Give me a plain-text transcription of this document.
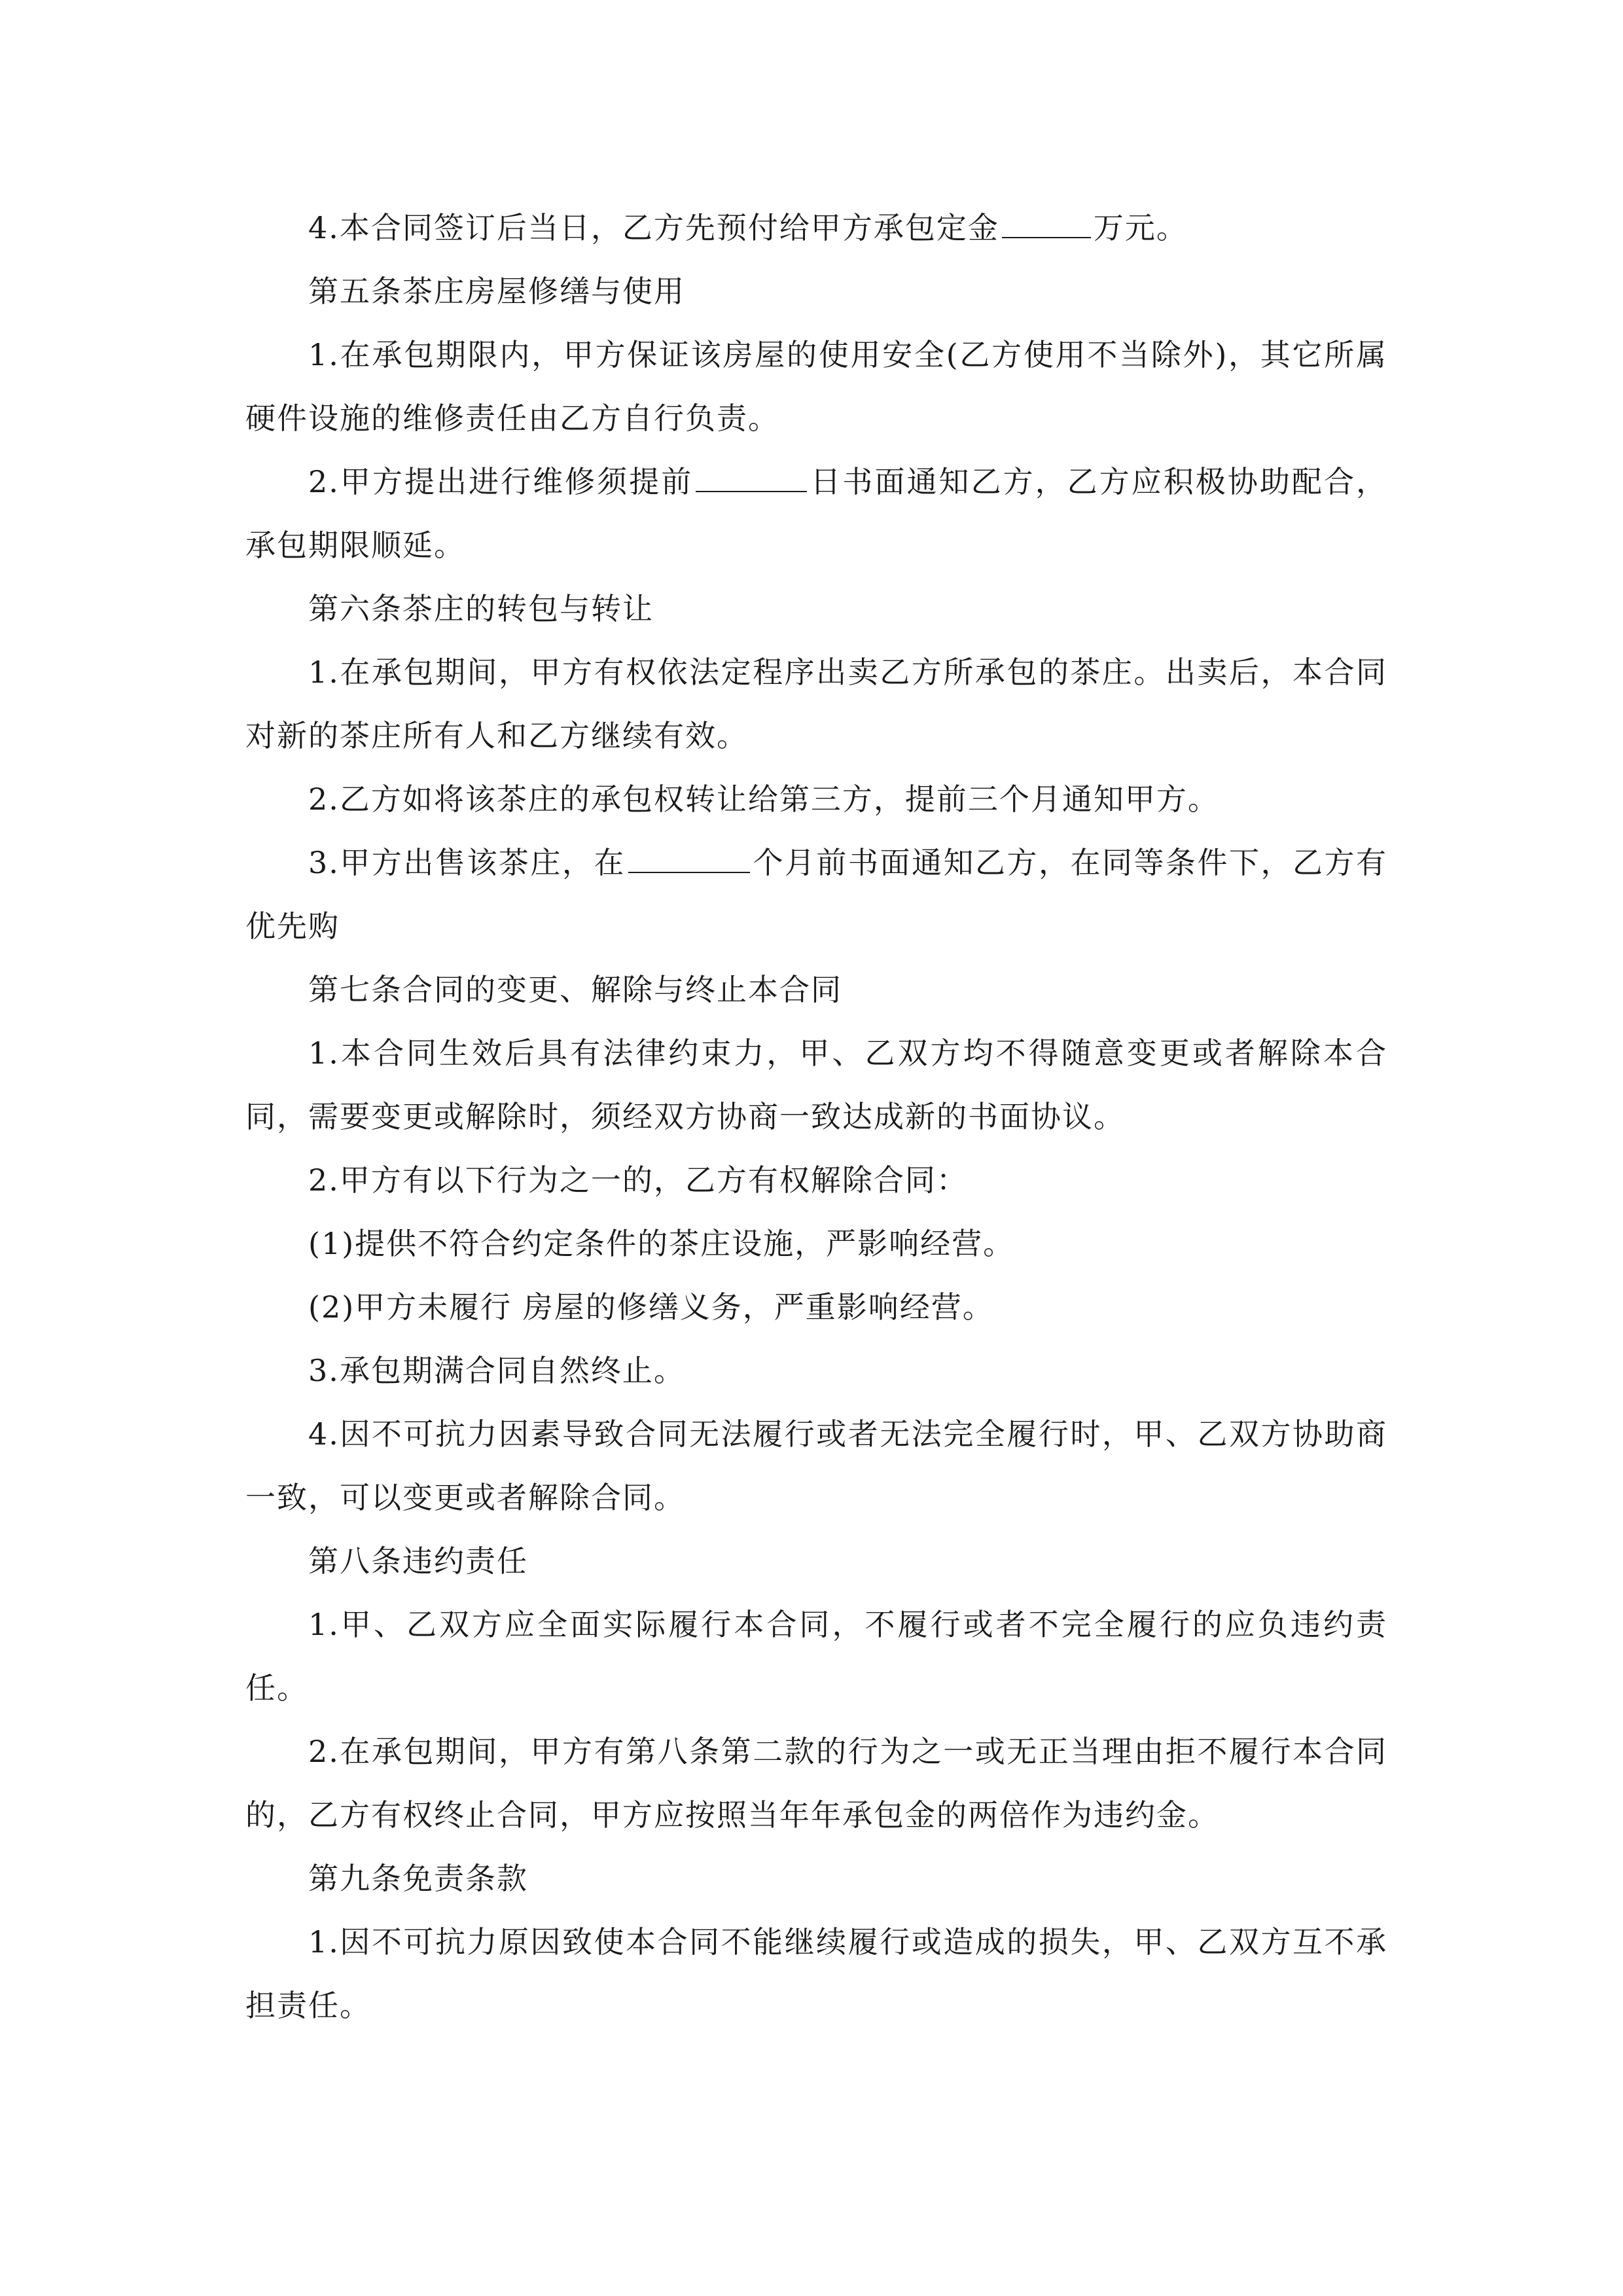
4.本合同签订后当日，乙方先预付给甲方承包定金	万元。

第五条茶庄房屋修缮与使用

1.在承包期限内，甲方保证该房屋的使用安全(乙方使用不当除外)，其它所属硬件设施的维修责任由乙方自行负责。

2.甲方提出进行维修须提前	日书面通知乙方，乙方应积极协助配合，承包期限顺延。

第六条茶庄的转包与转让

1.在承包期间，甲方有权依法定程序出卖乙方所承包的茶庄。出卖后，本合同对新的茶庄所有人和乙方继续有效。

2.乙方如将该茶庄的承包权转让给第三方，提前三个月通知甲方。

3.甲方出售该茶庄，在	个月前书面通知乙方，在同等条件下，乙方有优先购

第七条合同的变更、解除与终止本合同

1.本合同生效后具有法律约束力，甲、乙双方均不得随意变更或者解除本合同，需要变更或解除时，须经双方协商一致达成新的书面协议。

2.甲方有以下行为之一的，乙方有权解除合同：

(1)提供不符合约定条件的茶庄设施，严影响经营。

(2)甲方未履行 房屋的修缮义务，严重影响经营。

3.承包期满合同自然终止。

4.因不可抗力因素导致合同无法履行或者无法完全履行时，甲、乙双方协助商一致，可以变更或者解除合同。

第八条违约责任

1.甲、乙双方应全面实际履行本合同，不履行或者不完全履行的应负违约责任。

2.在承包期间，甲方有第八条第二款的行为之一或无正当理由拒不履行本合同的，乙方有权终止合同，甲方应按照当年年承包金的两倍作为违约金。

第九条免责条款

1.因不可抗力原因致使本合同不能继续履行或造成的损失，甲、乙双方互不承担责任。
